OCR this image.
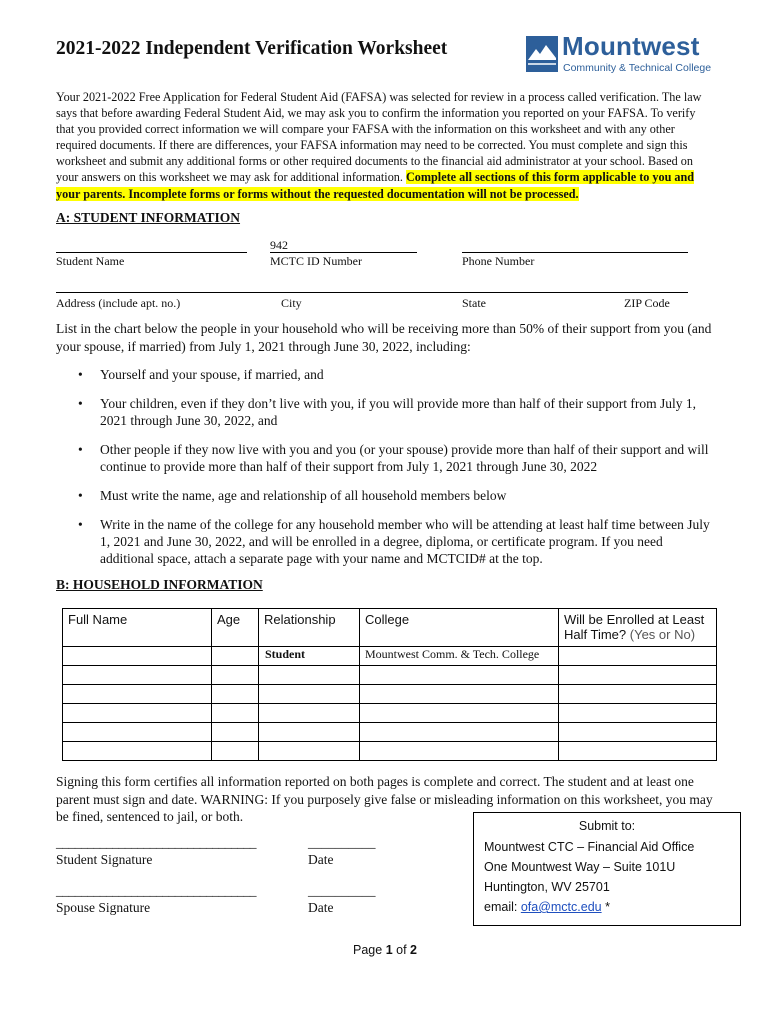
2021-2022 Independent Verification Worksheet	Mountwest
Community & Technical College
Your 2021-2022 Free Application for Federal Student Aid (FAFSA) was selected for review in a process called verification. The law says that before awarding Federal Student Aid, we may ask you to confirm the information you reported on your FAFSA. To verify that you provided correct information we will compare your FAFSA with the information on this worksheet and with any other required documents. If there are differences, your FAFSA information may need to be corrected. You must complete and sign this worksheet and submit any additional forms or other required documents to the financial aid administrator at your school. Based on your answers on this worksheet we may ask for additional information. Complete all sections of this form applicable to you and your parents. Incomplete forms or forms without the requested documentation will not be processed.
A: STUDENT INFORMATION
942
Student Name	MCTC ID Number	Phone Number
Address (include apt. no.)	City	State	ZIP Code
List in the chart below the people in your household who will be receiving more than 50% of their support from you (and your spouse, if married) from July 1, 2021 through June 30, 2022, including:
• Yourself and your spouse, if married, and
• Your children, even if they don’t live with you, if you will provide more than half of their support from July 1, 2021 through June 30, 2022, and
• Other people if they now live with you and you (or your spouse) provide more than half of their support and will continue to provide more than half of their support from July 1, 2021 through June 30, 2022
• Must write the name, age and relationship of all household members below
• Write in the name of the college for any household member who will be attending at least half time between July 1, 2021 and June 30, 2022, and will be enrolled in a degree, diploma, or certificate program. If you need additional space, attach a separate page with your name and MCTCID# at the top.
B: HOUSEHOLD INFORMATION
Full Name	Age	Relationship	College	Will be Enrolled at Least Half Time? (Yes or No)
		Student	Mountwest Comm. & Tech. College	

Signing this form certifies all information reported on both pages is complete and correct. The student and at least one parent must sign and date. WARNING: If you purposely give false or misleading information on this worksheet, you may be fined, sentenced to jail, or both.
________________________________	__________
Student Signature	Date
________________________________	__________
Spouse Signature	Date
Submit to:
Mountwest CTC – Financial Aid Office
One Mountwest Way – Suite 101U
Huntington, WV 25701
email: ofa@mctc.edu *
Page 1 of 2
